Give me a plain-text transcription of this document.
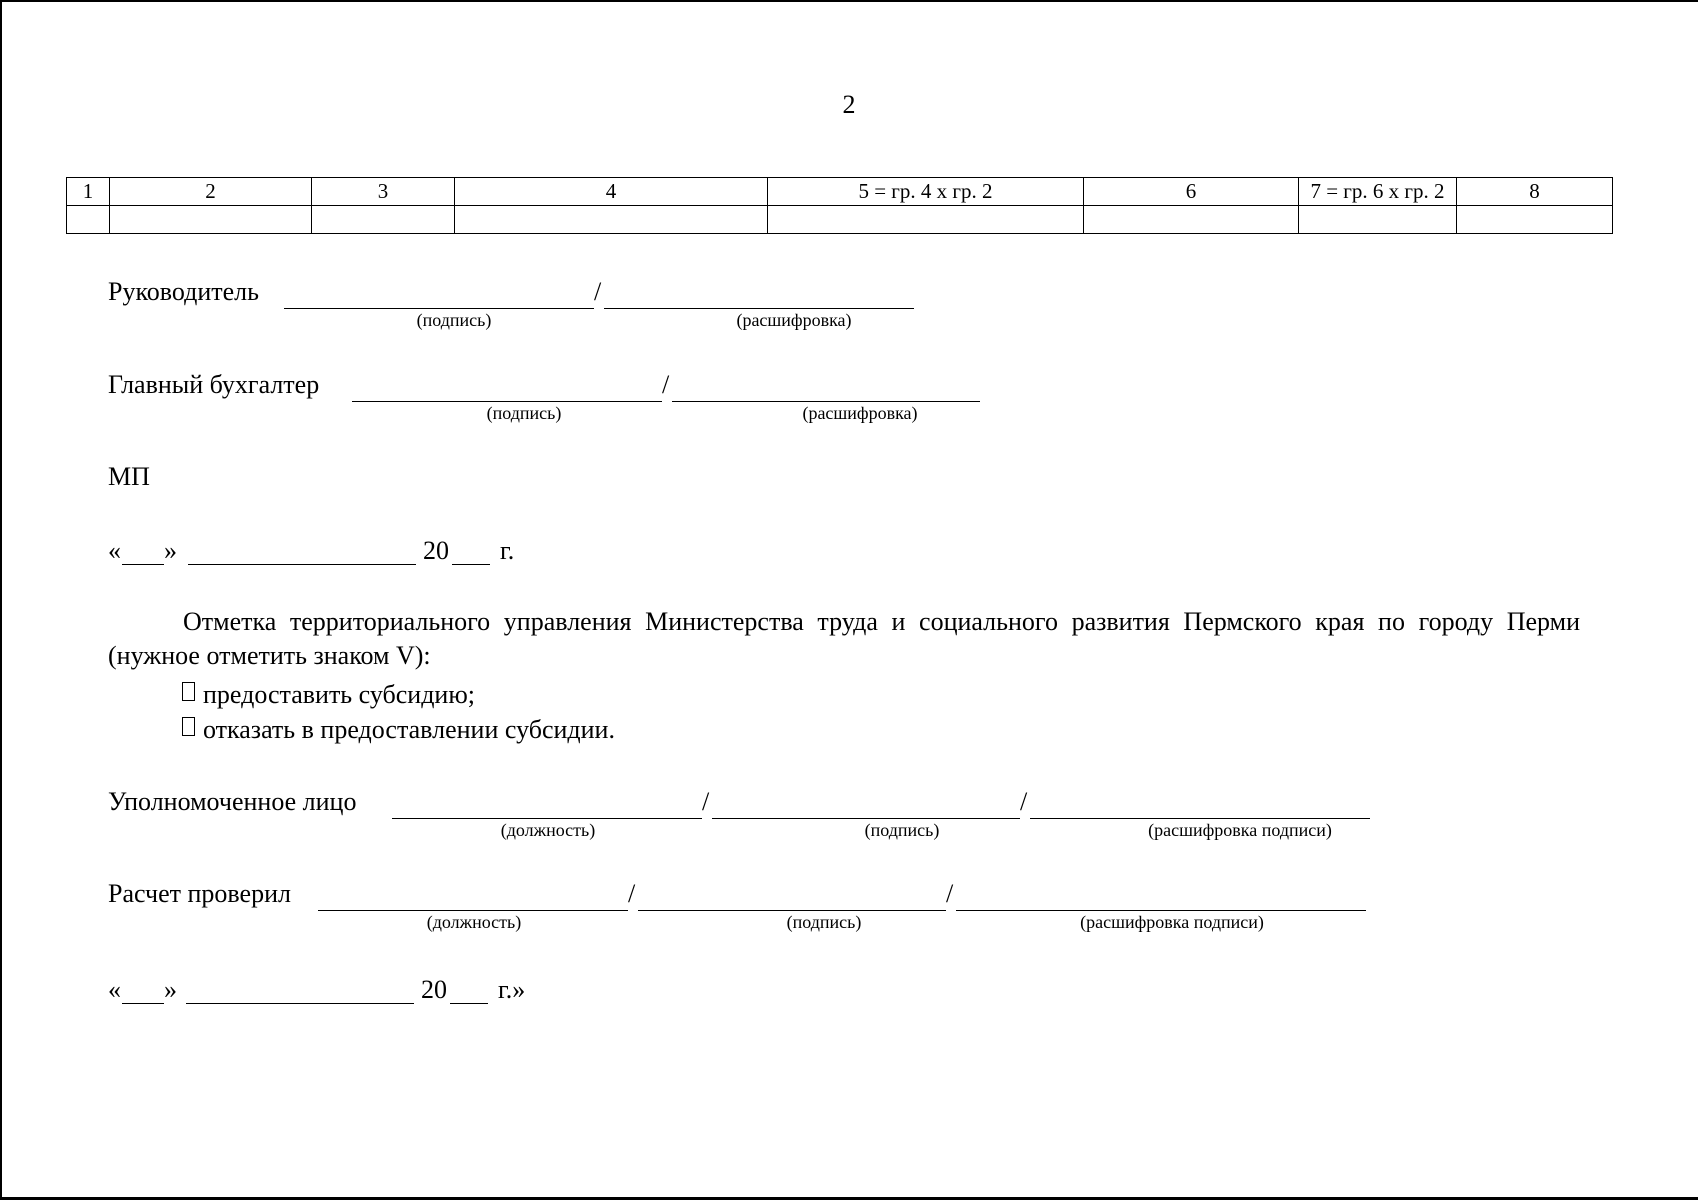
2
1	2	3	4	5 = гр. 4 х гр. 2	6	7 = гр. 6 х гр. 2	8

Руководитель	/
(подпись)	(расшифровка)
Главный бухгалтер	/
(подпись)	(расшифровка)
МП
« »	20 г.
Отметка территориального управления Министерства труда и социального развития Пермского края по городу Перми (нужное отметить знаком V):
предоставить субсидию;
отказать в предоставлении субсидии.
Уполномоченное лицо	/	/
(должность)	(подпись)	(расшифровка подписи)
Расчет проверил	/	/
(должность)	(подпись)	(расшифровка подписи)
« »	20 г.»
